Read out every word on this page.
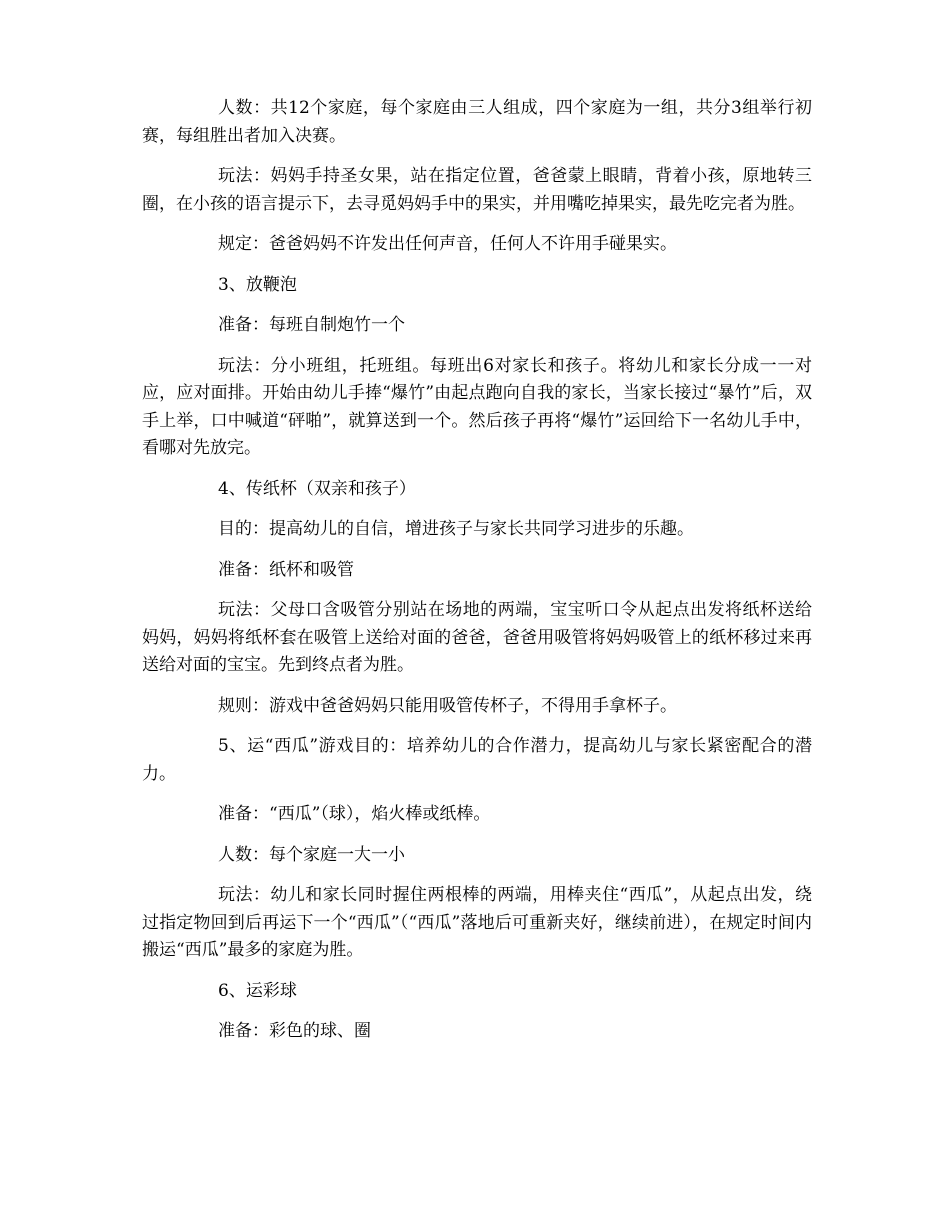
人数：共12个家庭，每个家庭由三人组成，四个家庭为一组，共分3组举行初赛，每组胜出者加入决赛。

玩法：妈妈手持圣女果，站在指定位置，爸爸蒙上眼睛，背着小孩，原地转三圈，在小孩的语言提示下，去寻觅妈妈手中的果实，并用嘴吃掉果实，最先吃完者为胜。

规定：爸爸妈妈不许发出任何声音，任何人不许用手碰果实。

3、放鞭泡

准备：每班自制炮竹一个

玩法：分小班组，托班组。每班出6对家长和孩子。将幼儿和家长分成一一对应，应对面排。开始由幼儿手捧“爆竹”由起点跑向自我的家长，当家长接过“暴竹”后，双手上举，口中喊道“砰啪”，就算送到一个。然后孩子再将“爆竹”运回给下一名幼儿手中，看哪对先放完。

4、传纸杯（双亲和孩子）

目的：提高幼儿的自信，增进孩子与家长共同学习进步的乐趣。

准备：纸杯和吸管

玩法：父母口含吸管分别站在场地的两端，宝宝听口令从起点出发将纸杯送给妈妈，妈妈将纸杯套在吸管上送给对面的爸爸，爸爸用吸管将妈妈吸管上的纸杯移过来再送给对面的宝宝。先到终点者为胜。

规则：游戏中爸爸妈妈只能用吸管传杯子，不得用手拿杯子。

5、运“西瓜”游戏目的：培养幼儿的合作潜力，提高幼儿与家长紧密配合的潜力。

准备：“西瓜”（球），焰火棒或纸棒。

人数：每个家庭一大一小

玩法：幼儿和家长同时握住两根棒的两端，用棒夹住“西瓜”，从起点出发，绕过指定物回到后再运下一个“西瓜”（“西瓜”落地后可重新夹好，继续前进），在规定时间内搬运“西瓜”最多的家庭为胜。

6、运彩球

准备：彩色的球、圈
